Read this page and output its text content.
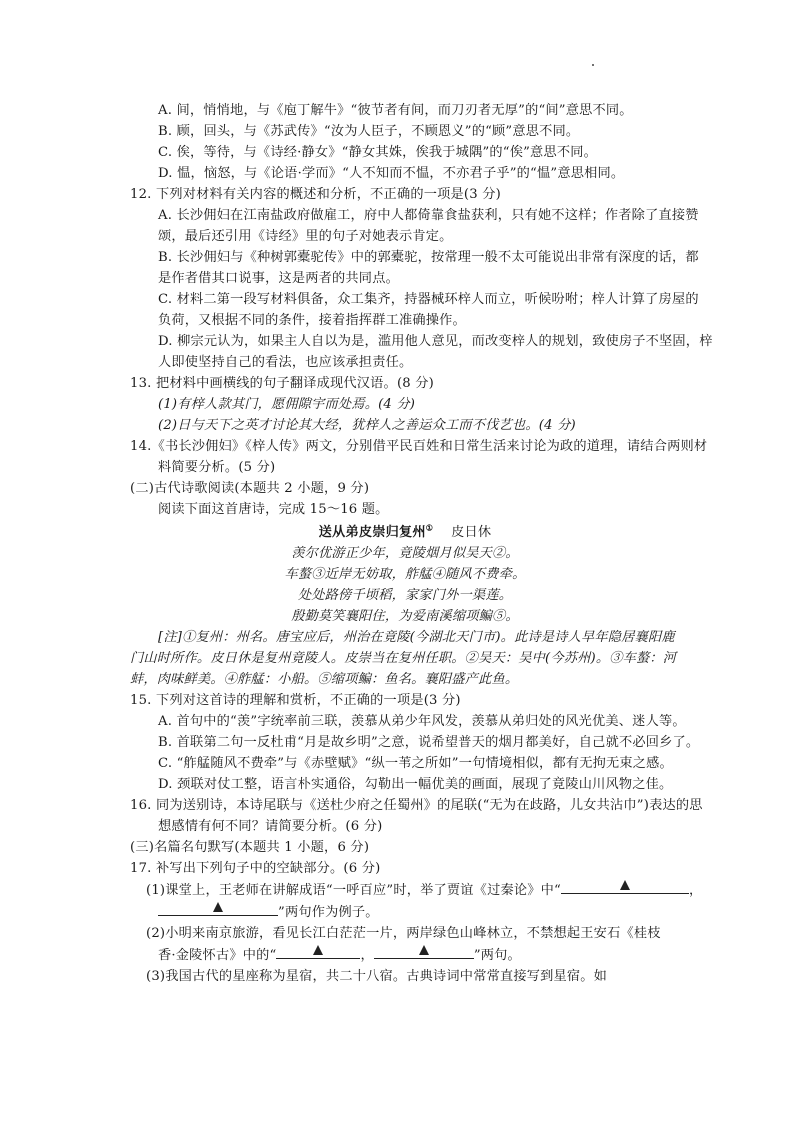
A. 间，悄悄地，与《庖丁解牛》“彼节者有间，而刀刃者无厚”的“间”意思不同。
B. 顾，回头，与《苏武传》“汝为人臣子，不顾恩义”的“顾”意思不同。
C. 俟，等待，与《诗经·静女》“静女其姝，俟我于城隅”的“俟”意思不同。
D. 愠，恼怒，与《论语·学而》“人不知而不愠，不亦君子乎”的“愠”意思相同。
12. 下列对材料有关内容的概述和分析，不正确的一项是(3 分)
A. 长沙佣妇在江南盐政府做雇工，府中人都倚靠食盐获利，只有她不这样；作者除了直接赞
颂，最后还引用《诗经》里的句子对她表示肯定。
B. 长沙佣妇与《种树郭橐驼传》中的郭橐驼，按常理一般不太可能说出非常有深度的话，都
是作者借其口说事，这是两者的共同点。
C. 材料二第一段写材料俱备，众工集齐，持器械环梓人而立，听候吩咐；梓人计算了房屋的
负荷，又根据不同的条件，接着指挥群工准确操作。
D. 柳宗元认为，如果主人自以为是，滥用他人意见，而改变梓人的规划，致使房子不坚固，梓
人即使坚持自己的看法，也应该承担责任。
13. 把材料中画横线的句子翻译成现代汉语。(8 分)
(1)有梓人款其门，愿佣隙宇而处焉。(4 分)
(2)日与天下之英才讨论其大经，犹梓人之善运众工而不伐艺也。(4 分)
14.《书长沙佣妇》《梓人传》两文，分别借平民百姓和日常生活来讨论为政的道理，请结合两则材
料简要分析。(5 分)
(二)古代诗歌阅读(本题共 2 小题，9 分)
阅读下面这首唐诗，完成 15～16 题。
送从弟皮崇归复州① 皮日休
羡尔优游正少年，竟陵烟月似吴天②。
车螯③近岸无妨取，舴艋④随风不费牵。
处处路傍千顷稻，家家门外一渠莲。
殷勤莫笑襄阳住，为爱南溪缩项鳊⑤。
[注]①复州：州名。唐宝应后，州治在竟陵(今湖北天门市)。此诗是诗人早年隐居襄阳鹿
门山时所作。皮日休是复州竟陵人。皮崇当在复州任职。②吴天：吴中(今苏州)。③车螯：河
蚌，肉味鲜美。④舴艋：小船。⑤缩项鳊：鱼名。襄阳盛产此鱼。
15. 下列对这首诗的理解和赏析，不正确的一项是(3 分)
A. 首句中的“羡”字统率前三联，羡慕从弟少年风发，羡慕从弟归处的风光优美、迷人等。
B. 首联第二句一反杜甫“月是故乡明”之意，说希望普天的烟月都美好，自己就不必回乡了。
C. “舴艋随风不费牵”与《赤壁赋》“纵一苇之所如”一句情境相似，都有无拘无束之感。
D. 颈联对仗工整，语言朴实通俗，勾勒出一幅优美的画面，展现了竟陵山川风物之佳。
16. 同为送别诗，本诗尾联与《送杜少府之任蜀州》的尾联(“无为在歧路，儿女共沾巾”)表达的思
想感情有何不同？请简要分析。(6 分)
(三)名篇名句默写(本题共 1 小题，6 分)
17. 补写出下列句子中的空缺部分。(6 分)
(1)课堂上，王老师在讲解成语“一呼百应”时，举了贾谊《过秦论》中“	，
”两句作为例子。
(2)小明来南京旅游，看见长江白茫茫一片，两岸绿色山峰林立，不禁想起王安石《桂枝
香·金陵怀古》中的“	，	”两句。
(3)我国古代的星座称为星宿，共二十八宿。古典诗词中常常直接写到星宿。如
